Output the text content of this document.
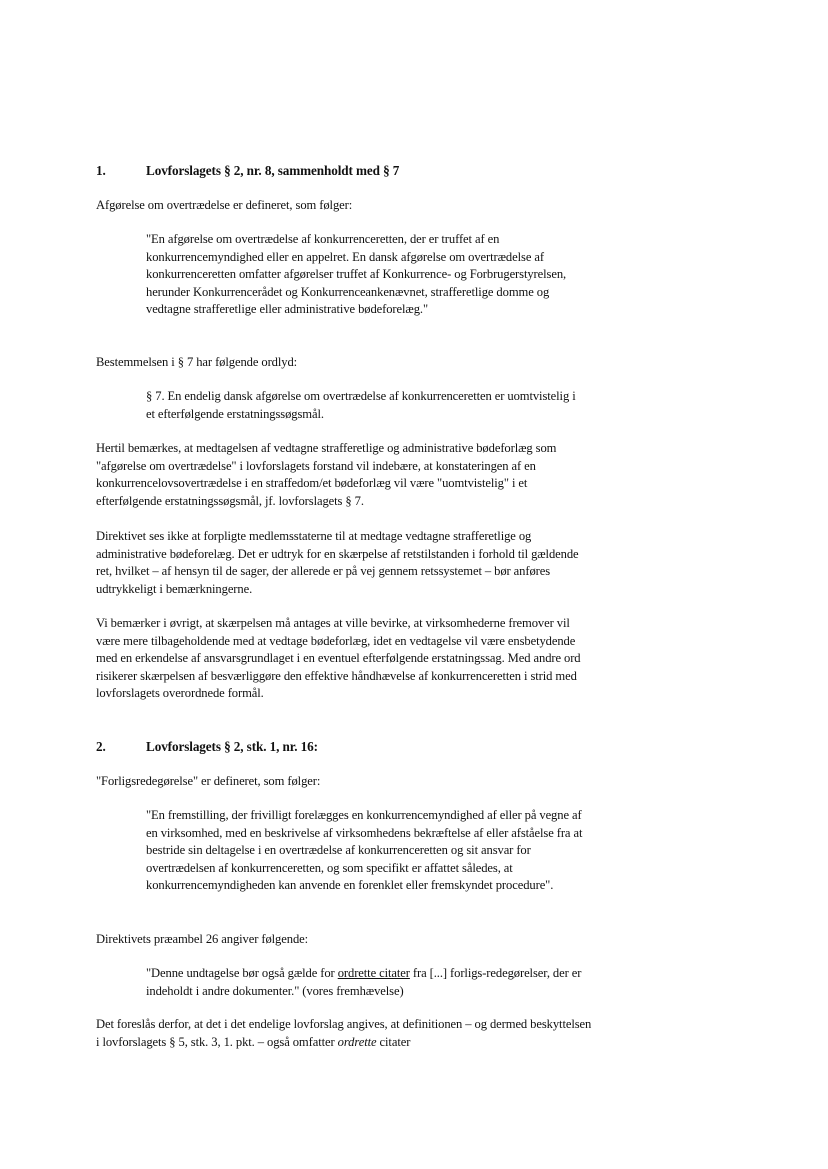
1.	Lovforslagets § 2, nr. 8, sammenholdt med § 7

Afgørelse om overtrædelse er defineret, som følger:

"En afgørelse om overtrædelse af konkurrenceretten, der er truffet af en konkurrencemyndighed eller en appelret. En dansk afgørelse om overtrædelse af konkurrenceretten omfatter afgørelser truffet af Konkurrence- og Forbrugerstyrelsen, herunder Konkurrencerådet og Konkurrenceankenævnet, strafferetlige domme og vedtagne strafferetlige eller administrative bødeforelæg."

Bestemmelsen i § 7 har følgende ordlyd:

§ 7. En endelig dansk afgørelse om overtrædelse af konkurrenceretten er uomtvistelig i et efterfølgende erstatningssøgsmål.

Hertil bemærkes, at medtagelsen af vedtagne strafferetlige og administrative bødeforlæg som "afgørelse om overtrædelse" i lovforslagets forstand vil indebære, at konstateringen af en konkurrencelovsovertrædelse i en straffedom/et bødeforlæg vil være "uomtvistelig" i et efterfølgende erstatningssøgsmål, jf. lovforslagets § 7.

Direktivet ses ikke at forpligte medlemsstaterne til at medtage vedtagne strafferetlige og administrative bødeforelæg. Det er udtryk for en skærpelse af retstilstanden i forhold til gældende ret, hvilket – af hensyn til de sager, der allerede er på vej gennem retssystemet – bør anføres udtrykkeligt i bemærkningerne.

Vi bemærker i øvrigt, at skærpelsen må antages at ville bevirke, at virksomhederne fremover vil være mere tilbageholdende med at vedtage bødeforlæg, idet en vedtagelse vil være ensbetydende med en erkendelse af ansvarsgrundlaget i en eventuel efterfølgende erstatningssag. Med andre ord risikerer skærpelsen af besværliggøre den effektive håndhævelse af konkurrenceretten i strid med lovforslagets overordnede formål.

2.	Lovforslagets § 2, stk. 1, nr. 16:

"Forligsredegørelse" er defineret, som følger:

"En fremstilling, der frivilligt forelægges en konkurrencemyndighed af eller på vegne af en virksomhed, med en beskrivelse af virksomhedens bekræftelse af eller afståelse fra at bestride sin deltagelse i en overtrædelse af konkurrenceretten og sit ansvar for overtrædelsen af konkurrenceretten, og som specifikt er affattet således, at konkurrencemyndigheden kan anvende en forenklet eller fremskyndet procedure".

Direktivets præambel 26 angiver følgende:

"Denne undtagelse bør også gælde for ordrette citater fra [...] forligs-redegørelser, der er indeholdt i andre dokumenter." (vores fremhævelse)

Det foreslås derfor, at det i det endelige lovforslag angives, at definitionen – og dermed beskyttelsen i lovforslagets § 5, stk. 3, 1. pkt. – også omfatter ordrette citater
